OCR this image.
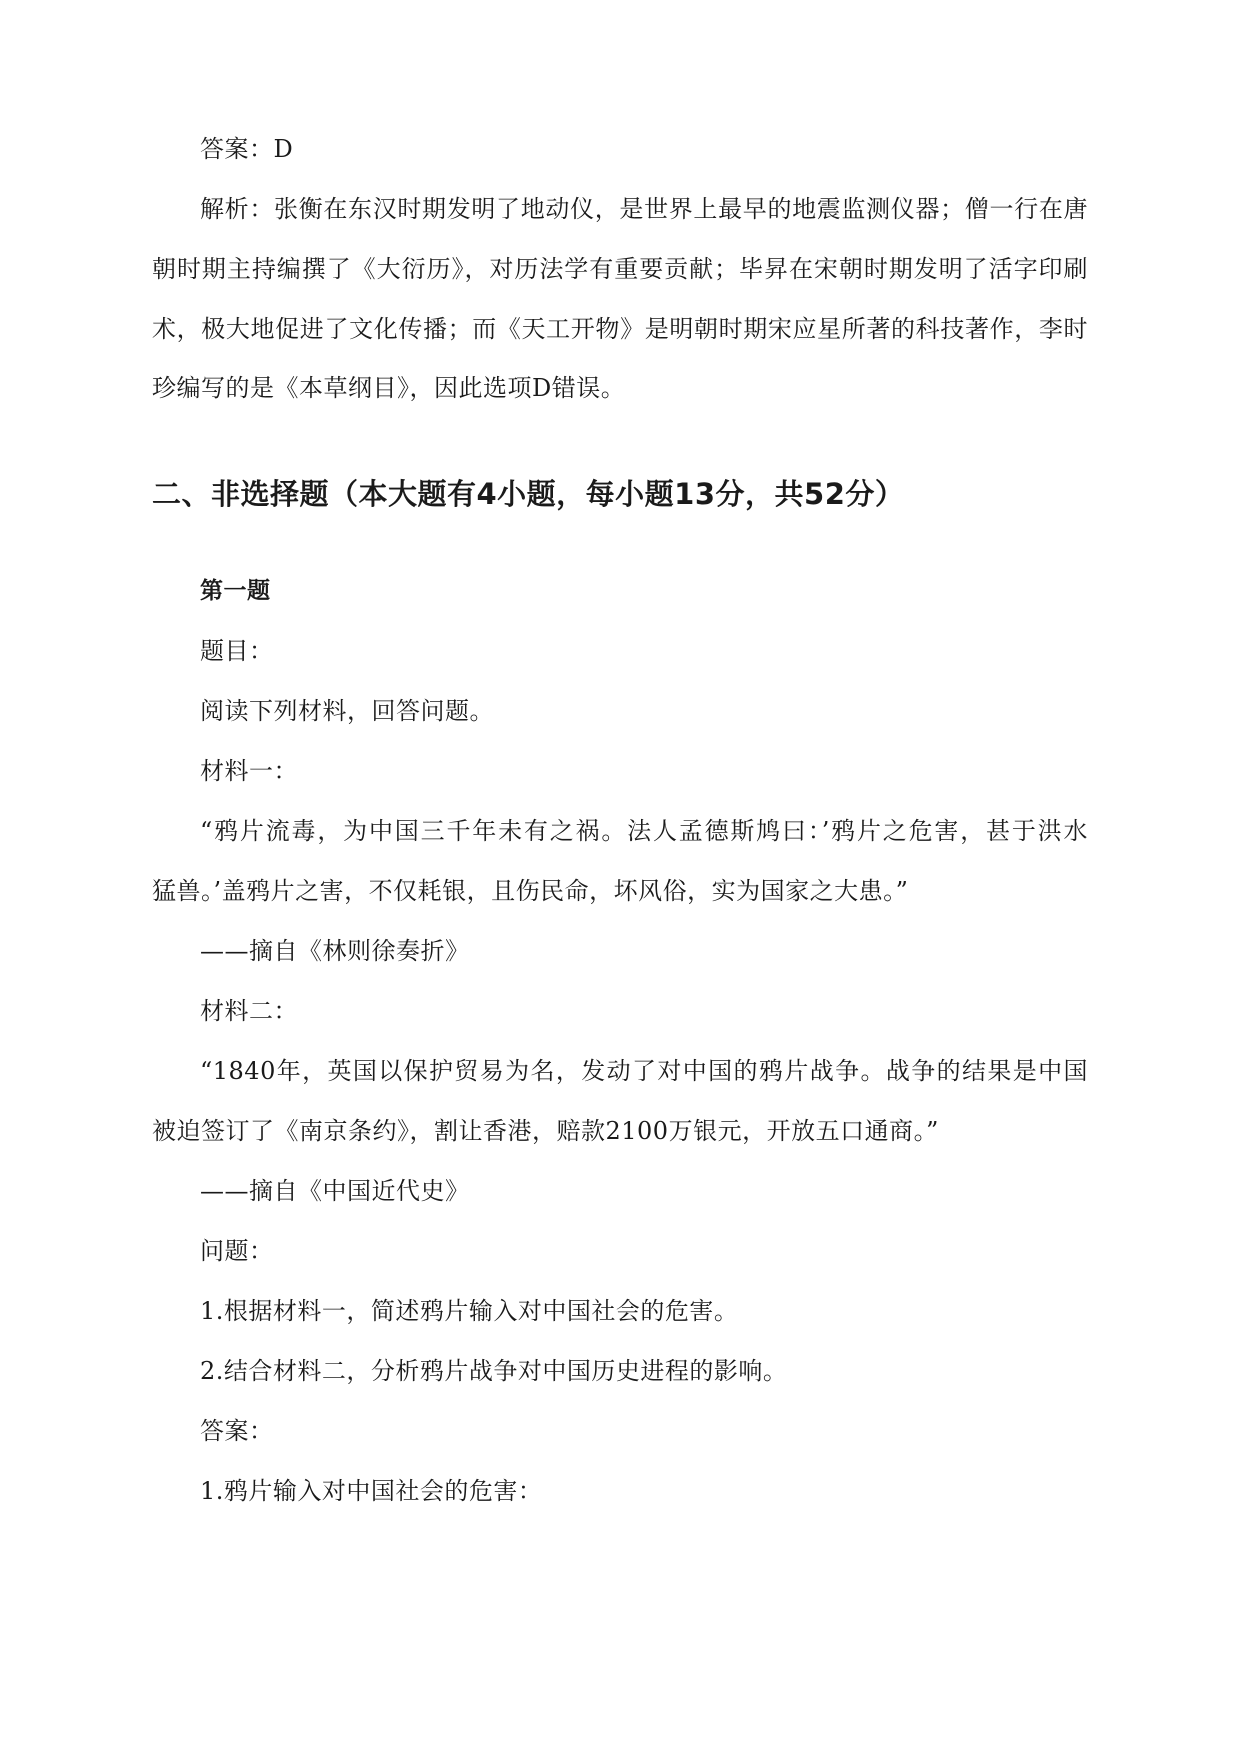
答案：D
解析：张衡在东汉时期发明了地动仪，是世界上最早的地震监测仪器；僧一行在唐
朝时期主持编撰了《大衍历》，对历法学有重要贡献；毕昇在宋朝时期发明了活字印刷
术，极大地促进了文化传播；而《天工开物》是明朝时期宋应星所著的科技著作，李时
珍编写的是《本草纲目》，因此选项D错误。
二、非选择题（本大题有4小题，每小题13分，共52分）
第一题
题目：
阅读下列材料，回答问题。
材料一：
“鸦片流毒，为中国三千年未有之祸。法人孟德斯鸠曰：’鸦片之危害，甚于洪水
猛兽。’盖鸦片之害，不仅耗银，且伤民命，坏风俗，实为国家之大患。”
——摘自《林则徐奏折》
材料二：
“1840年，英国以保护贸易为名，发动了对中国的鸦片战争。战争的结果是中国
被迫签订了《南京条约》，割让香港，赔款2100万银元，开放五口通商。”
——摘自《中国近代史》
问题：
1.根据材料一，简述鸦片输入对中国社会的危害。
2.结合材料二，分析鸦片战争对中国历史进程的影响。
答案：
1.鸦片输入对中国社会的危害：
